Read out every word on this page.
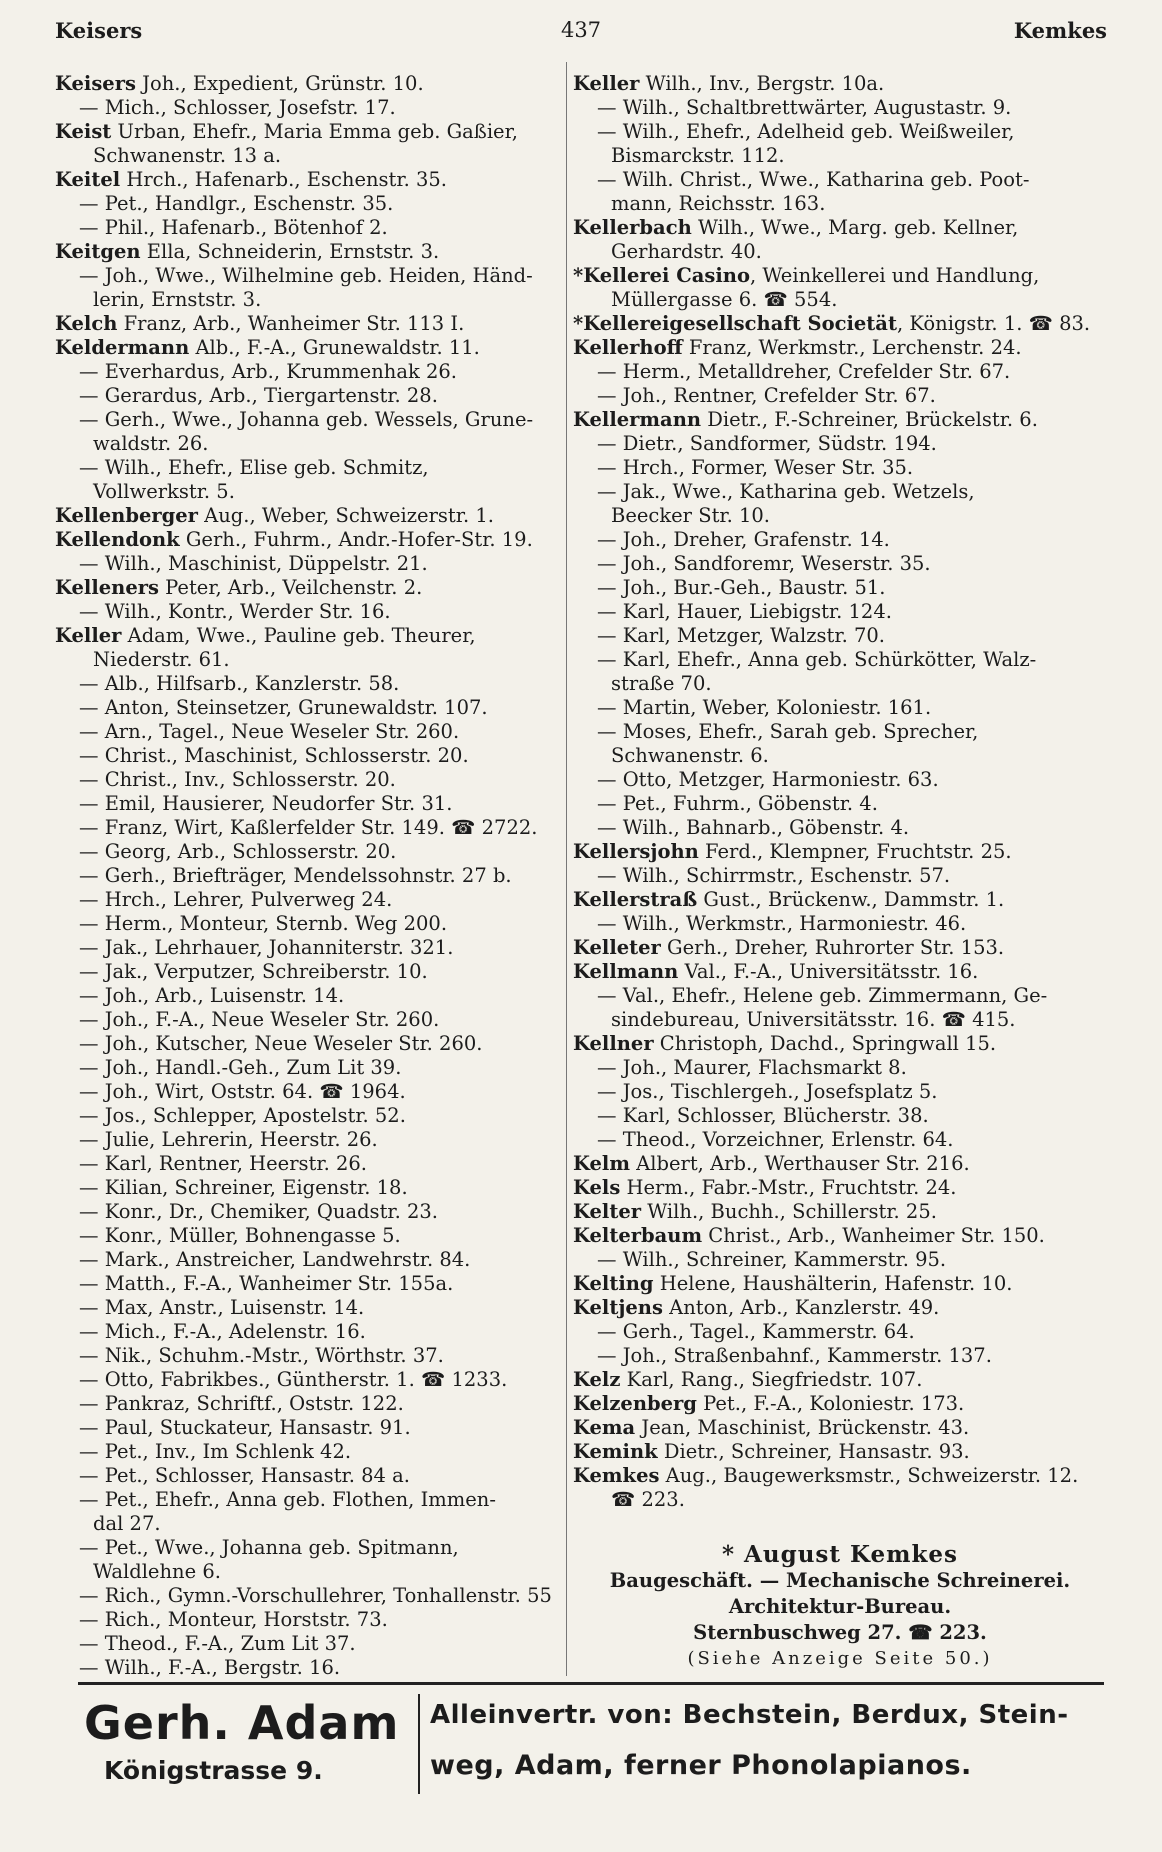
Keisers	437	Kemkes

Keisers Joh., Expedient, Grünstr. 10.

— Mich., Schlosser, Josefstr. 17.

Keist Urban, Ehefr., Maria Emma geb. Gaßier,

Schwanenstr. 13 a.

Keitel Hrch., Hafenarb., Eschenstr. 35.

— Pet., Handlgr., Eschenstr. 35.

— Phil., Hafenarb., Bötenhof 2.

Keitgen Ella, Schneiderin, Ernststr. 3.

— Joh., Wwe., Wilhelmine geb. Heiden, Händ-

lerin, Ernststr. 3.

Kelch Franz, Arb., Wanheimer Str. 113 I.

Keldermann Alb., F.-A., Grunewaldstr. 11.

— Everhardus, Arb., Krummenhak 26.

— Gerardus, Arb., Tiergartenstr. 28.

— Gerh., Wwe., Johanna geb. Wessels, Grune-

waldstr. 26.

— Wilh., Ehefr., Elise geb. Schmitz,

Vollwerkstr. 5.

Kellenberger Aug., Weber, Schweizerstr. 1.

Kellendonk Gerh., Fuhrm., Andr.-Hofer-Str. 19.

— Wilh., Maschinist, Düppelstr. 21.

Kelleners Peter, Arb., Veilchenstr. 2.

— Wilh., Kontr., Werder Str. 16.

Keller Adam, Wwe., Pauline geb. Theurer,

Niederstr. 61.

— Alb., Hilfsarb., Kanzlerstr. 58.

— Anton, Steinsetzer, Grunewaldstr. 107.

— Arn., Tagel., Neue Weseler Str. 260.

— Christ., Maschinist, Schlosserstr. 20.

— Christ., Inv., Schlosserstr. 20.

— Emil, Hausierer, Neudorfer Str. 31.

— Franz, Wirt, Kaßlerfelder Str. 149. ☎ 2722.

— Georg, Arb., Schlosserstr. 20.

— Gerh., Briefträger, Mendelssohnstr. 27 b.

— Hrch., Lehrer, Pulverweg 24.

— Herm., Monteur, Sternb. Weg 200.

— Jak., Lehrhauer, Johanniterstr. 321.

— Jak., Verputzer, Schreiberstr. 10.

— Joh., Arb., Luisenstr. 14.

— Joh., F.-A., Neue Weseler Str. 260.

— Joh., Kutscher, Neue Weseler Str. 260.

— Joh., Handl.-Geh., Zum Lit 39.

— Joh., Wirt, Oststr. 64. ☎ 1964.

— Jos., Schlepper, Apostelstr. 52.

— Julie, Lehrerin, Heerstr. 26.

— Karl, Rentner, Heerstr. 26.

— Kilian, Schreiner, Eigenstr. 18.

— Konr., Dr., Chemiker, Quadstr. 23.

— Konr., Müller, Bohnengasse 5.

— Mark., Anstreicher, Landwehrstr. 84.

— Matth., F.-A., Wanheimer Str. 155a.

— Max, Anstr., Luisenstr. 14.

— Mich., F.-A., Adelenstr. 16.

— Nik., Schuhm.-Mstr., Wörthstr. 37.

— Otto, Fabrikbes., Güntherstr. 1. ☎ 1233.

— Pankraz, Schriftf., Oststr. 122.

— Paul, Stuckateur, Hansastr. 91.

— Pet., Inv., Im Schlenk 42.

— Pet., Schlosser, Hansastr. 84 a.

— Pet., Ehefr., Anna geb. Flothen, Immen-

dal 27.

— Pet., Wwe., Johanna geb. Spitmann,

Waldlehne 6.

— Rich., Gymn.-Vorschullehrer, Tonhallenstr. 55

— Rich., Monteur, Horststr. 73.

— Theod., F.-A., Zum Lit 37.

— Wilh., F.-A., Bergstr. 16.

Keller Wilh., Inv., Bergstr. 10a.

— Wilh., Schaltbrettwärter, Augustastr. 9.

— Wilh., Ehefr., Adelheid geb. Weißweiler,

Bismarckstr. 112.

— Wilh. Christ., Wwe., Katharina geb. Poot-

mann, Reichsstr. 163.

Kellerbach Wilh., Wwe., Marg. geb. Kellner,

Gerhardstr. 40.

*Kellerei Casino, Weinkellerei und Handlung,

Müllergasse 6. ☎ 554.

*Kellereigesellschaft Societät, Königstr. 1. ☎ 83.

Kellerhoff Franz, Werkmstr., Lerchenstr. 24.

— Herm., Metalldreher, Crefelder Str. 67.

— Joh., Rentner, Crefelder Str. 67.

Kellermann Dietr., F.-Schreiner, Brückelstr. 6.

— Dietr., Sandformer, Südstr. 194.

— Hrch., Former, Weser Str. 35.

— Jak., Wwe., Katharina geb. Wetzels,

Beecker Str. 10.

— Joh., Dreher, Grafenstr. 14.

— Joh., Sandforemr, Weserstr. 35.

— Joh., Bur.-Geh., Baustr. 51.

— Karl, Hauer, Liebigstr. 124.

— Karl, Metzger, Walzstr. 70.

— Karl, Ehefr., Anna geb. Schürkötter, Walz-

straße 70.

— Martin, Weber, Koloniestr. 161.

— Moses, Ehefr., Sarah geb. Sprecher,

Schwanenstr. 6.

— Otto, Metzger, Harmoniestr. 63.

— Pet., Fuhrm., Göbenstr. 4.

— Wilh., Bahnarb., Göbenstr. 4.

Kellersjohn Ferd., Klempner, Fruchtstr. 25.

— Wilh., Schirrmstr., Eschenstr. 57.

Kellerstraß Gust., Brückenw., Dammstr. 1.

— Wilh., Werkmstr., Harmoniestr. 46.

Kelleter Gerh., Dreher, Ruhrorter Str. 153.

Kellmann Val., F.-A., Universitätsstr. 16.

— Val., Ehefr., Helene geb. Zimmermann, Ge-

sindebureau, Universitätsstr. 16. ☎ 415.

Kellner Christoph, Dachd., Springwall 15.

— Joh., Maurer, Flachsmarkt 8.

— Jos., Tischlergeh., Josefsplatz 5.

— Karl, Schlosser, Blücherstr. 38.

— Theod., Vorzeichner, Erlenstr. 64.

Kelm Albert, Arb., Werthauser Str. 216.

Kels Herm., Fabr.-Mstr., Fruchtstr. 24.

Kelter Wilh., Buchh., Schillerstr. 25.

Kelterbaum Christ., Arb., Wanheimer Str. 150.

— Wilh., Schreiner, Kammerstr. 95.

Kelting Helene, Haushälterin, Hafenstr. 10.

Keltjens Anton, Arb., Kanzlerstr. 49.

— Gerh., Tagel., Kammerstr. 64.

— Joh., Straßenbahnf., Kammerstr. 137.

Kelz Karl, Rang., Siegfriedstr. 107.

Kelzenberg Pet., F.-A., Koloniestr. 173.

Kema Jean, Maschinist, Brückenstr. 43.

Kemink Dietr., Schreiner, Hansastr. 93.

Kemkes Aug., Baugewerksmstr., Schweizerstr. 12.

☎ 223.

* August Kemkes
Baugeschäft. — Mechanische Schreinerei.
Architektur-Bureau.
Sternbuschweg 27. ☎ 223.
(Siehe Anzeige Seite 50.)
Gerh. Adam
Königstrasse 9.
Alleinvertr. von: Bechstein, Berdux, Stein-
weg, Adam, ferner Phonolapianos.
